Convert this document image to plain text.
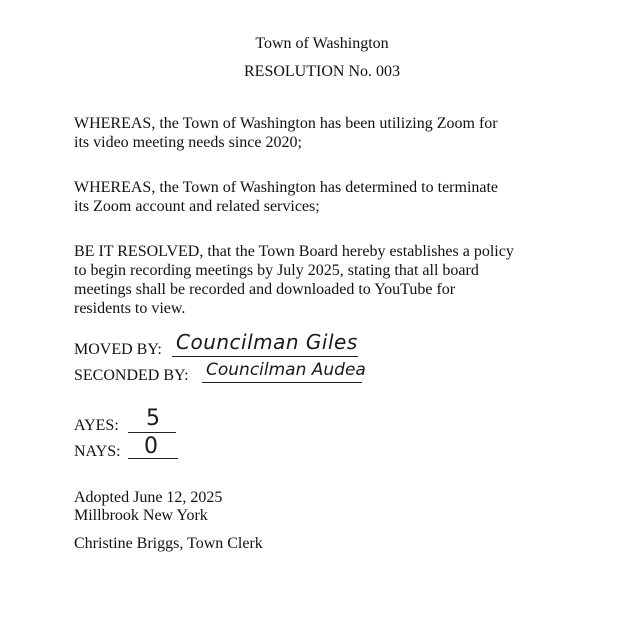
Town of Washington
RESOLUTION No. 003
WHEREAS, the Town of Washington has been utilizing Zoom for
its video meeting needs since 2020;
WHEREAS, the Town of Washington has determined to terminate
its Zoom account and related services;
BE IT RESOLVED, that the Town Board hereby establishes a policy
to begin recording meetings by July 2025, stating that all board
meetings shall be recorded and downloaded to YouTube for
residents to view.
MOVED BY: Councilman Giles
SECONDED BY: Councilman Audea
AYES: 5
NAYS: 0
Adopted June 12, 2025
Millbrook New York
Christine Briggs, Town Clerk
